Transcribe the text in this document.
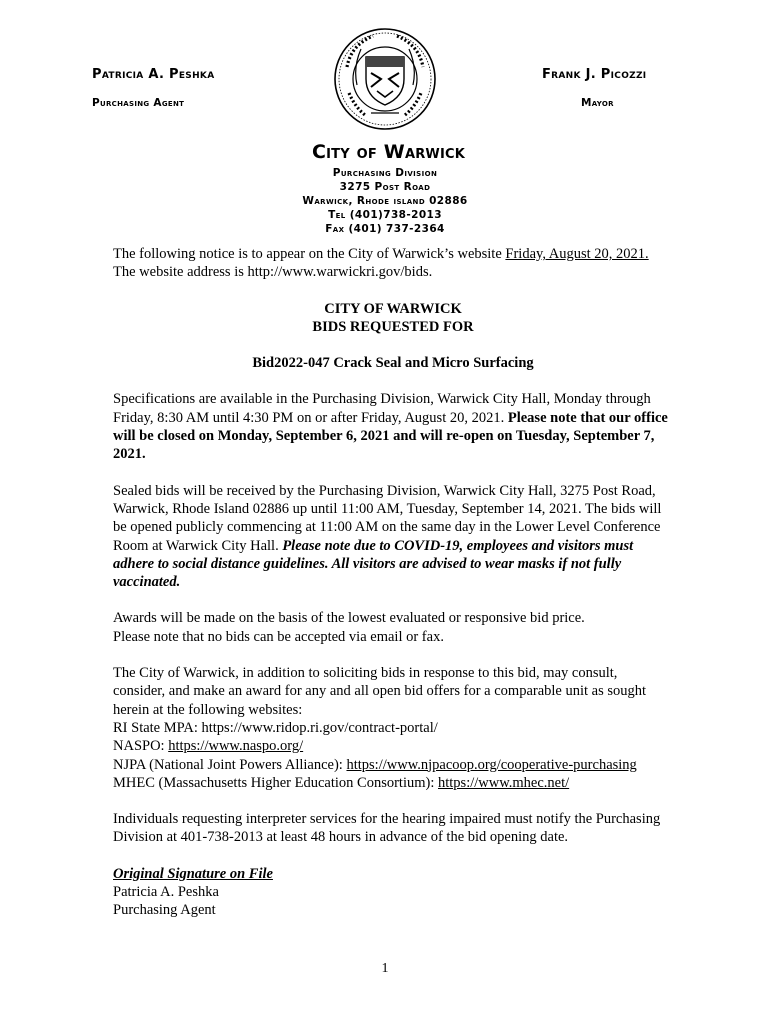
Patricia A. Peshka
Purchasing Agent
Frank J. Picozzi
Mayor
City of Warwick
Purchasing Division
3275 Post Road
Warwick, Rhode island 02886
Tel (401)738-2013
Fax (401) 737-2364

The following notice is to appear on the City of Warwick’s website Friday, August 20, 2021. The website address is http://www.warwickri.gov/bids.

CITY OF WARWICK

BIDS REQUESTED FOR

Bid2022-047 Crack Seal and Micro Surfacing

Specifications are available in the Purchasing Division, Warwick City Hall, Monday through Friday, 8:30 AM until 4:30 PM on or after Friday, August 20, 2021. Please note that our office will be closed on Monday, September 6, 2021 and will re-open on Tuesday, September 7, 2021.

Sealed bids will be received by the Purchasing Division, Warwick City Hall, 3275 Post Road, Warwick, Rhode Island 02886 up until 11:00 AM, Tuesday, September 14, 2021. The bids will be opened publicly commencing at 11:00 AM on the same day in the Lower Level Conference Room at Warwick City Hall. Please note due to COVID-19, employees and visitors must adhere to social distance guidelines. All visitors are advised to wear masks if not fully vaccinated.

Awards will be made on the basis of the lowest evaluated or responsive bid price.

Please note that no bids can be accepted via email or fax.

The City of Warwick, in addition to soliciting bids in response to this bid, may consult, consider, and make an award for any and all open bid offers for a comparable unit as sought herein at the following websites:

RI State MPA: https://www.ridop.ri.gov/contract-portal/

NASPO: https://www.naspo.org/

NJPA (National Joint Powers Alliance): https://www.njpacoop.org/cooperative-purchasing

MHEC (Massachusetts Higher Education Consortium): https://www.mhec.net/

Individuals requesting interpreter services for the hearing impaired must notify the Purchasing Division at 401-738-2013 at least 48 hours in advance of the bid opening date.

Original Signature on File

Patricia A. Peshka

Purchasing Agent

1
